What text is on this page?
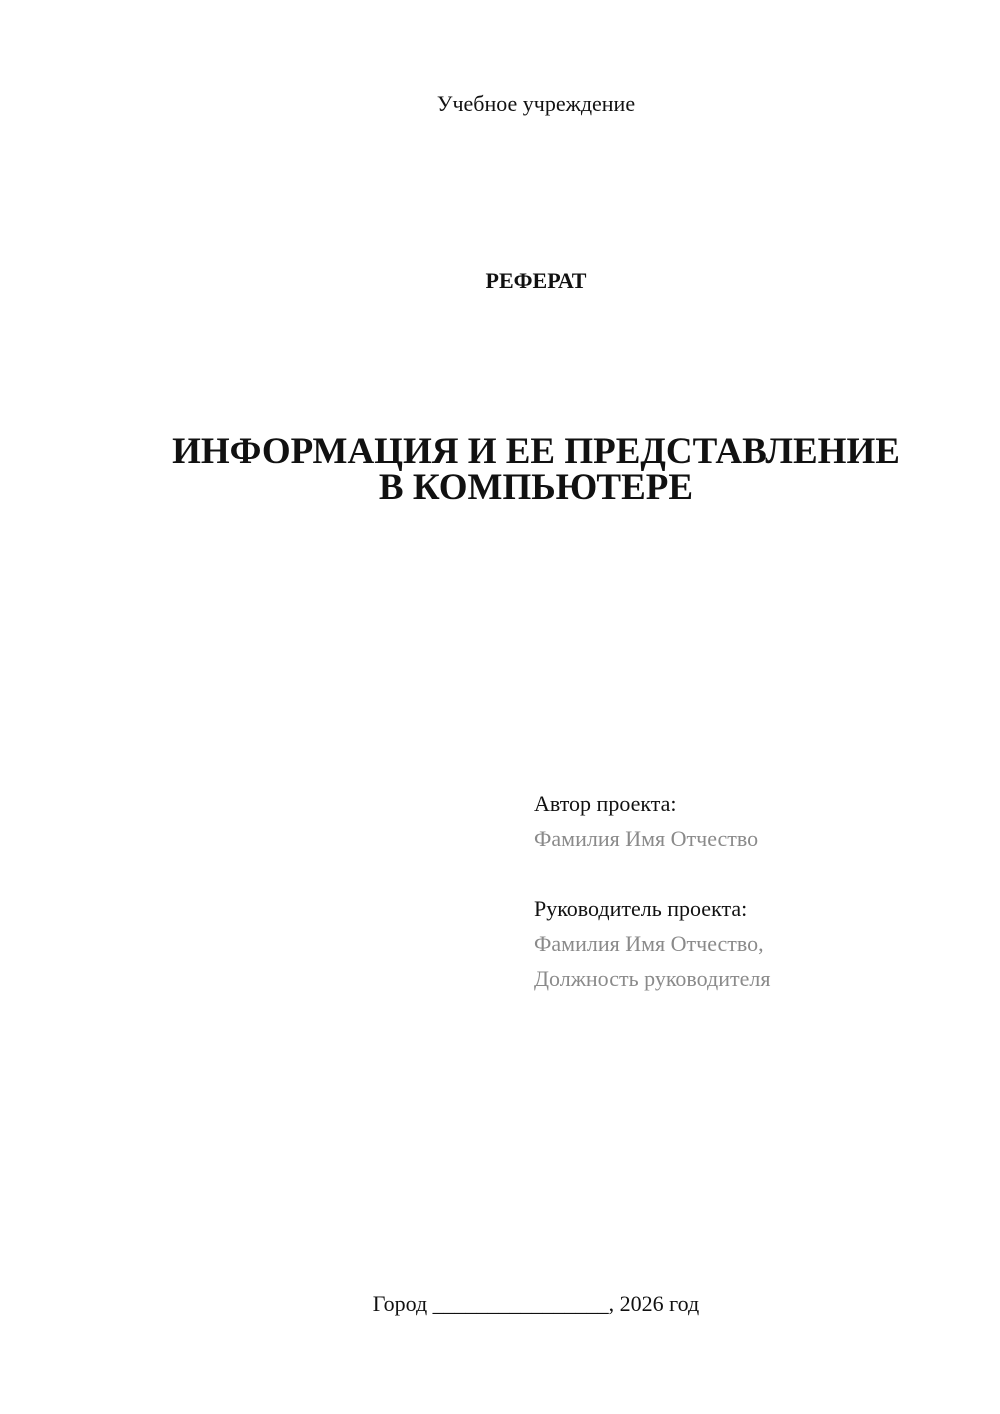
Учебное учреждение
РЕФЕРАТ
ИНФОРМАЦИЯ И ЕЕ ПРЕДСТАВЛЕНИЕ
В КОМПЬЮТЕРЕ
Автор проекта:
Фамилия Имя Отчество
Руководитель проекта:
Фамилия Имя Отчество,
Должность руководителя
Город ________________, 2026 год
